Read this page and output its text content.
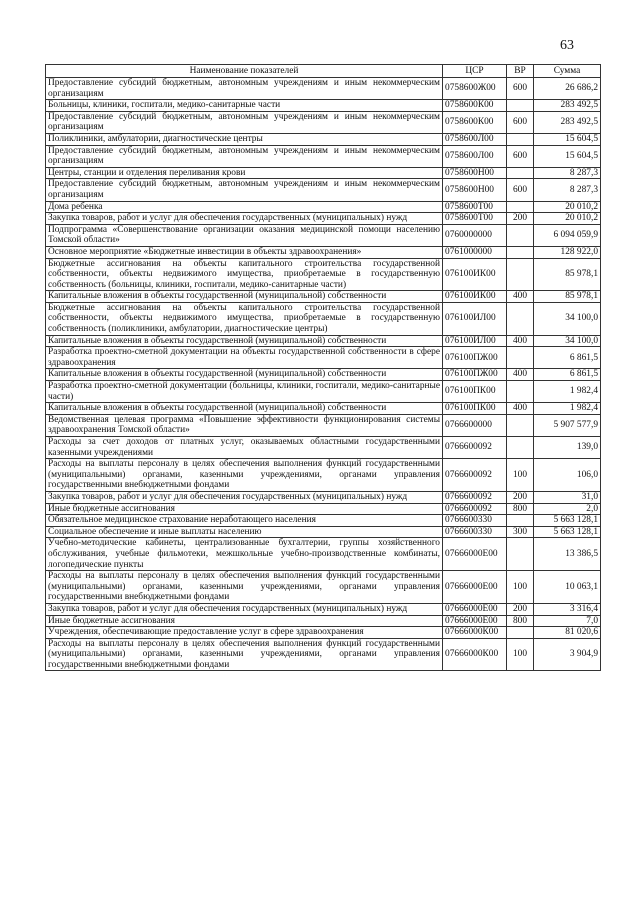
63
Наименование показателей	ЦСР	ВР	Сумма
Предоставление субсидий бюджетным, автономным учреждениям и иным некоммерческим организациям	0758600Ж00	600	26 686,2
Больницы, клиники, госпитали, медико-санитарные части	0758600К00		283 492,5
Предоставление субсидий бюджетным, автономным учреждениям и иным некоммерческим организациям	0758600К00	600	283 492,5
Поликлиники, амбулатории, диагностические центры	0758600Л00		15 604,5
Предоставление субсидий бюджетным, автономным учреждениям и иным некоммерческим организациям	0758600Л00	600	15 604,5
Центры, станции и отделения переливания крови	0758600Н00		8 287,3
Предоставление субсидий бюджетным, автономным учреждениям и иным некоммерческим организациям	0758600Н00	600	8 287,3
Дома ребенка	0758600Т00		20 010,2
Закупка товаров, работ и услуг для обеспечения государственных (муниципальных) нужд	0758600Т00	200	20 010,2
Подпрограмма «Совершенствование организации оказания медицинской помощи населению Томской области»	0760000000		6 094 059,9
Основное мероприятие «Бюджетные инвестиции в объекты здравоохранения»	0761000000		128 922,0
Бюджетные ассигнования на объекты капитального строительства государственной собственности, объекты недвижимого имущества, приобретаемые в государственную собственность (больницы, клиники, госпитали, медико-санитарные части)	076100ИК00		85 978,1
Капитальные вложения в объекты государственной (муниципальной) собственности	076100ИК00	400	85 978,1
Бюджетные ассигнования на объекты капитального строительства государственной собственности, объекты недвижимого имущества, приобретаемые в государственную собственность (поликлиники, амбулатории, диагностические центры)	076100ИЛ00		34 100,0
Капитальные вложения в объекты государственной (муниципальной) собственности	076100ИЛ00	400	34 100,0
Разработка проектно-сметной документации на объекты государственной собственности в сфере здравоохранения	076100ПЖ00		6 861,5
Капитальные вложения в объекты государственной (муниципальной) собственности	076100ПЖ00	400	6 861,5
Разработка проектно-сметной документации (больницы, клиники, госпитали, медико-санитарные части)	076100ПК00		1 982,4
Капитальные вложения в объекты государственной (муниципальной) собственности	076100ПК00	400	1 982,4
Ведомственная целевая программа «Повышение эффективности функционирования системы здравоохранения Томской области»	0766600000		5 907 577,9
Расходы за счет доходов от платных услуг, оказываемых областными государственными казенными учреждениями	0766600092		139,0
Расходы на выплаты персоналу в целях обеспечения выполнения функций государственными (муниципальными) органами, казенными учреждениями, органами управления государственными внебюджетными фондами	0766600092	100	106,0
Закупка товаров, работ и услуг для обеспечения государственных (муниципальных) нужд	0766600092	200	31,0
Иные бюджетные ассигнования	0766600092	800	2,0
Обязательное медицинское страхование неработающего населения	0766600330		5 663 128,1
Социальное обеспечение и иные выплаты населению	0766600330	300	5 663 128,1
Учебно-методические кабинеты, централизованные бухгалтерии, группы хозяйственного обслуживания, учебные фильмотеки, межшкольные учебно-производственные комбинаты, логопедические пункты	07666000Е00		13 386,5
Расходы на выплаты персоналу в целях обеспечения выполнения функций государственными (муниципальными) органами, казенными учреждениями, органами управления государственными внебюджетными фондами	07666000Е00	100	10 063,1
Закупка товаров, работ и услуг для обеспечения государственных (муниципальных) нужд	07666000Е00	200	3 316,4
Иные бюджетные ассигнования	07666000Е00	800	7,0
Учреждения, обеспечивающие предоставление услуг в сфере здравоохранения	07666000К00		81 020,6
Расходы на выплаты персоналу в целях обеспечения выполнения функций государственными (муниципальными) органами, казенными учреждениями, органами управления государственными внебюджетными фондами	07666000К00	100	3 904,9
